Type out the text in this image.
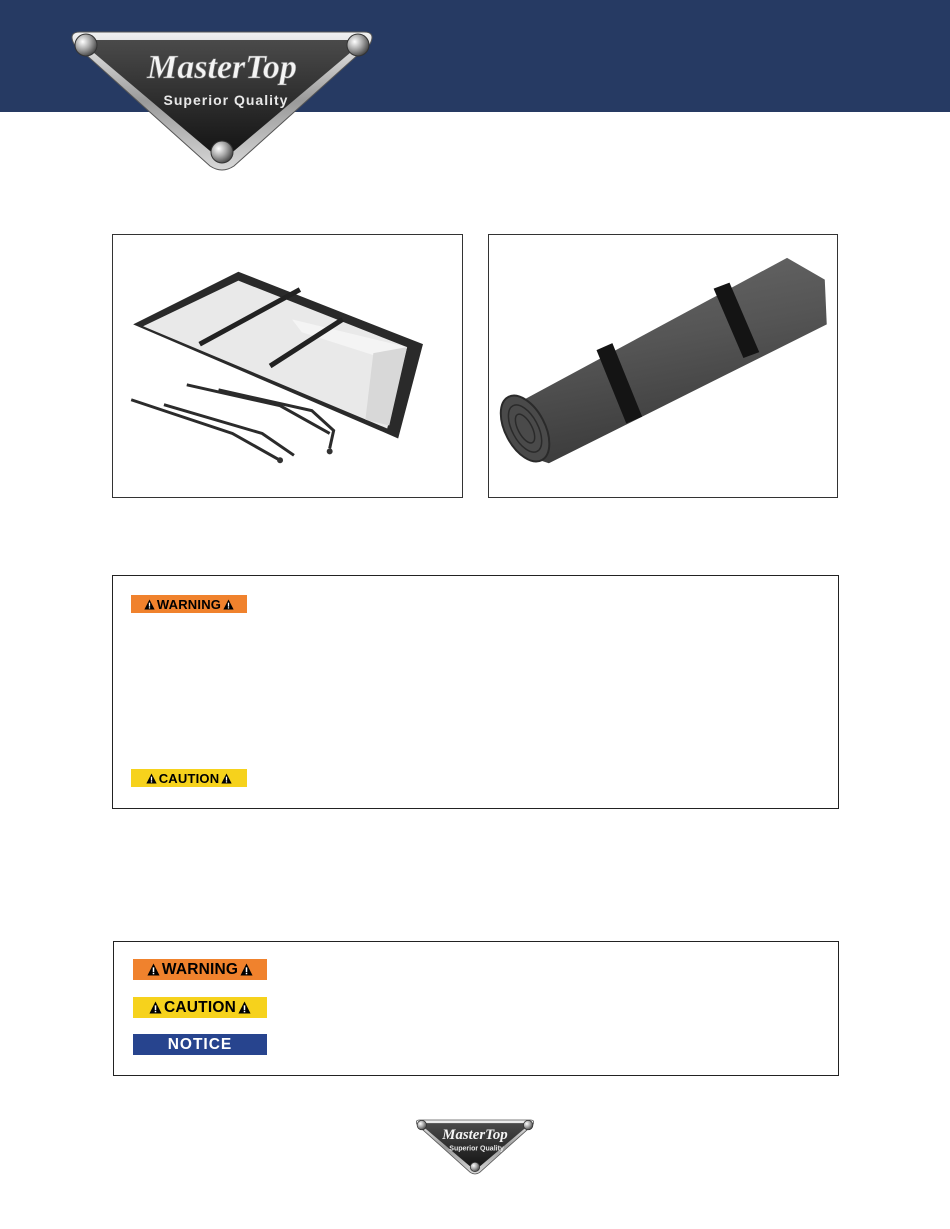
MasterTop
Superior Quality
WARNING
CAUTION
WARNING
CAUTION
NOTICE
MasterTop
Superior Quality
